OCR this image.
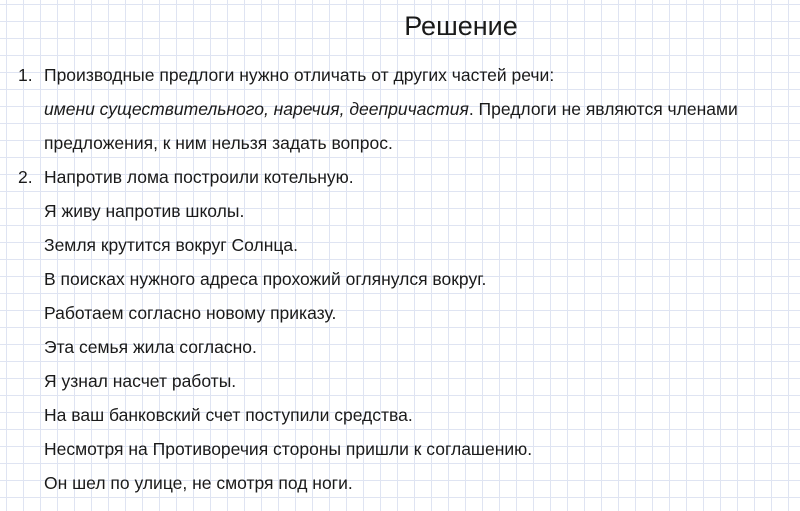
Решение
1. Производные предлоги нужно отличать от других частей речи:
имени существительного, наречия, деепричастия. Предлоги не являются членами
предложения, к ним нельзя задать вопрос.
2. Напротив лома построили котельную.
Я живу напротив школы.
Земля крутится вокруг Солнца.
В поисках нужного адреса прохожий оглянулся вокруг.
Работаем согласно новому приказу.
Эта семья жила согласно.
Я узнал насчет работы.
На ваш банковский счет поступили средства.
Несмотря на Противоречия стороны пришли к соглашению.
Он шел по улице, не смотря под ноги.
